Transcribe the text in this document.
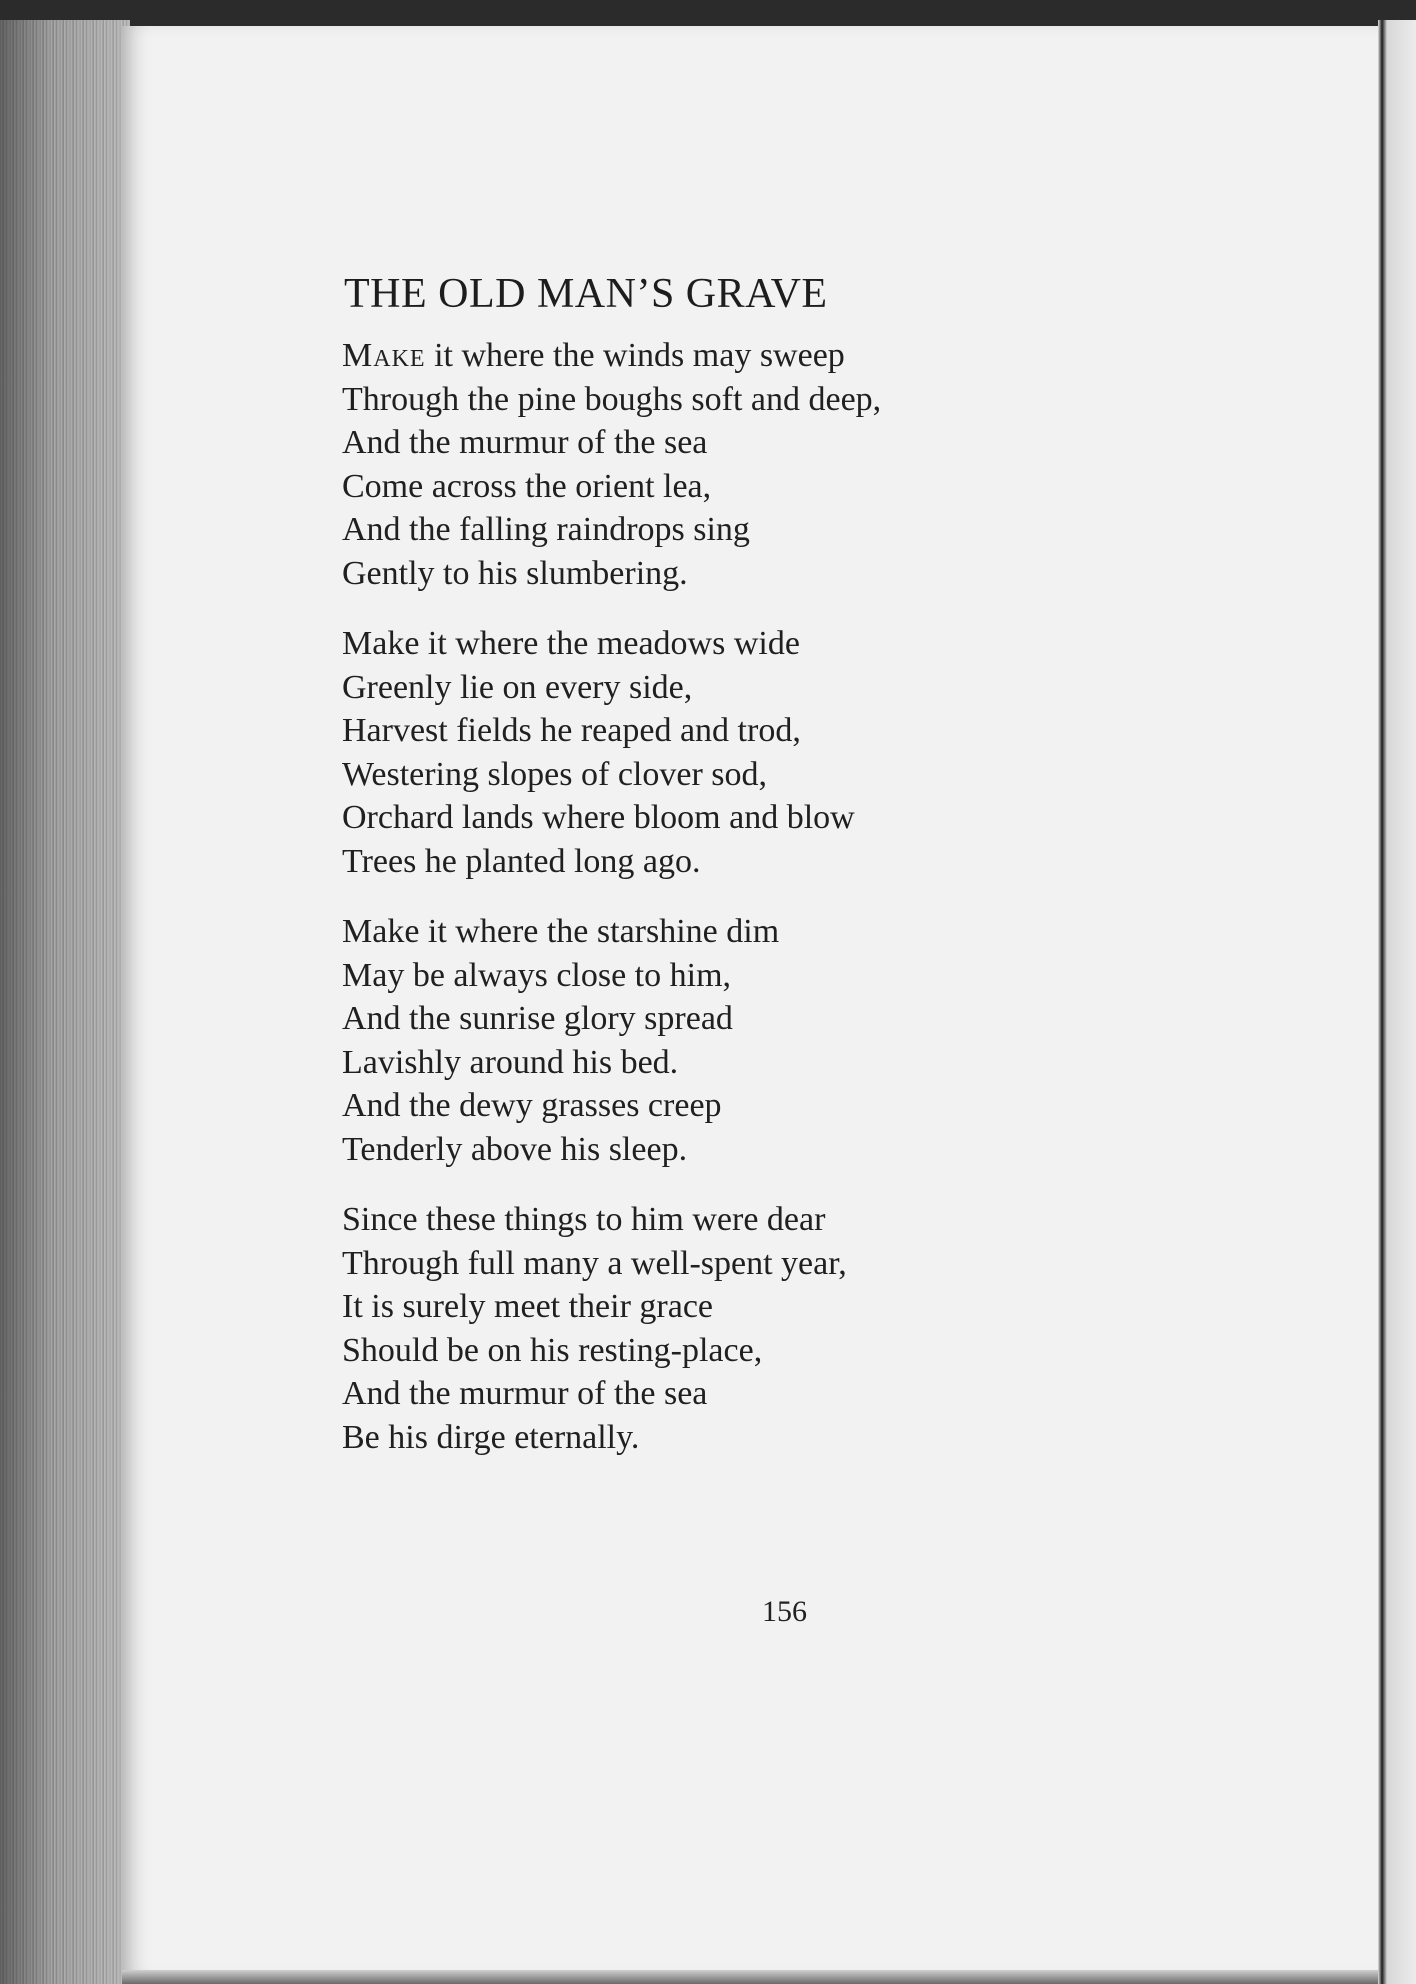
THE OLD MAN’S GRAVE
Make it where the winds may sweep
Through the pine boughs soft and deep,
And the murmur of the sea
Come across the orient lea,
And the falling raindrops sing
Gently to his slumbering.
Make it where the meadows wide
Greenly lie on every side,
Harvest fields he reaped and trod,
Westering slopes of clover sod,
Orchard lands where bloom and blow
Trees he planted long ago.
Make it where the starshine dim
May be always close to him,
And the sunrise glory spread
Lavishly around his bed.
And the dewy grasses creep
Tenderly above his sleep.
Since these things to him were dear
Through full many a well-spent year,
It is surely meet their grace
Should be on his resting-place,
And the murmur of the sea
Be his dirge eternally.
156
